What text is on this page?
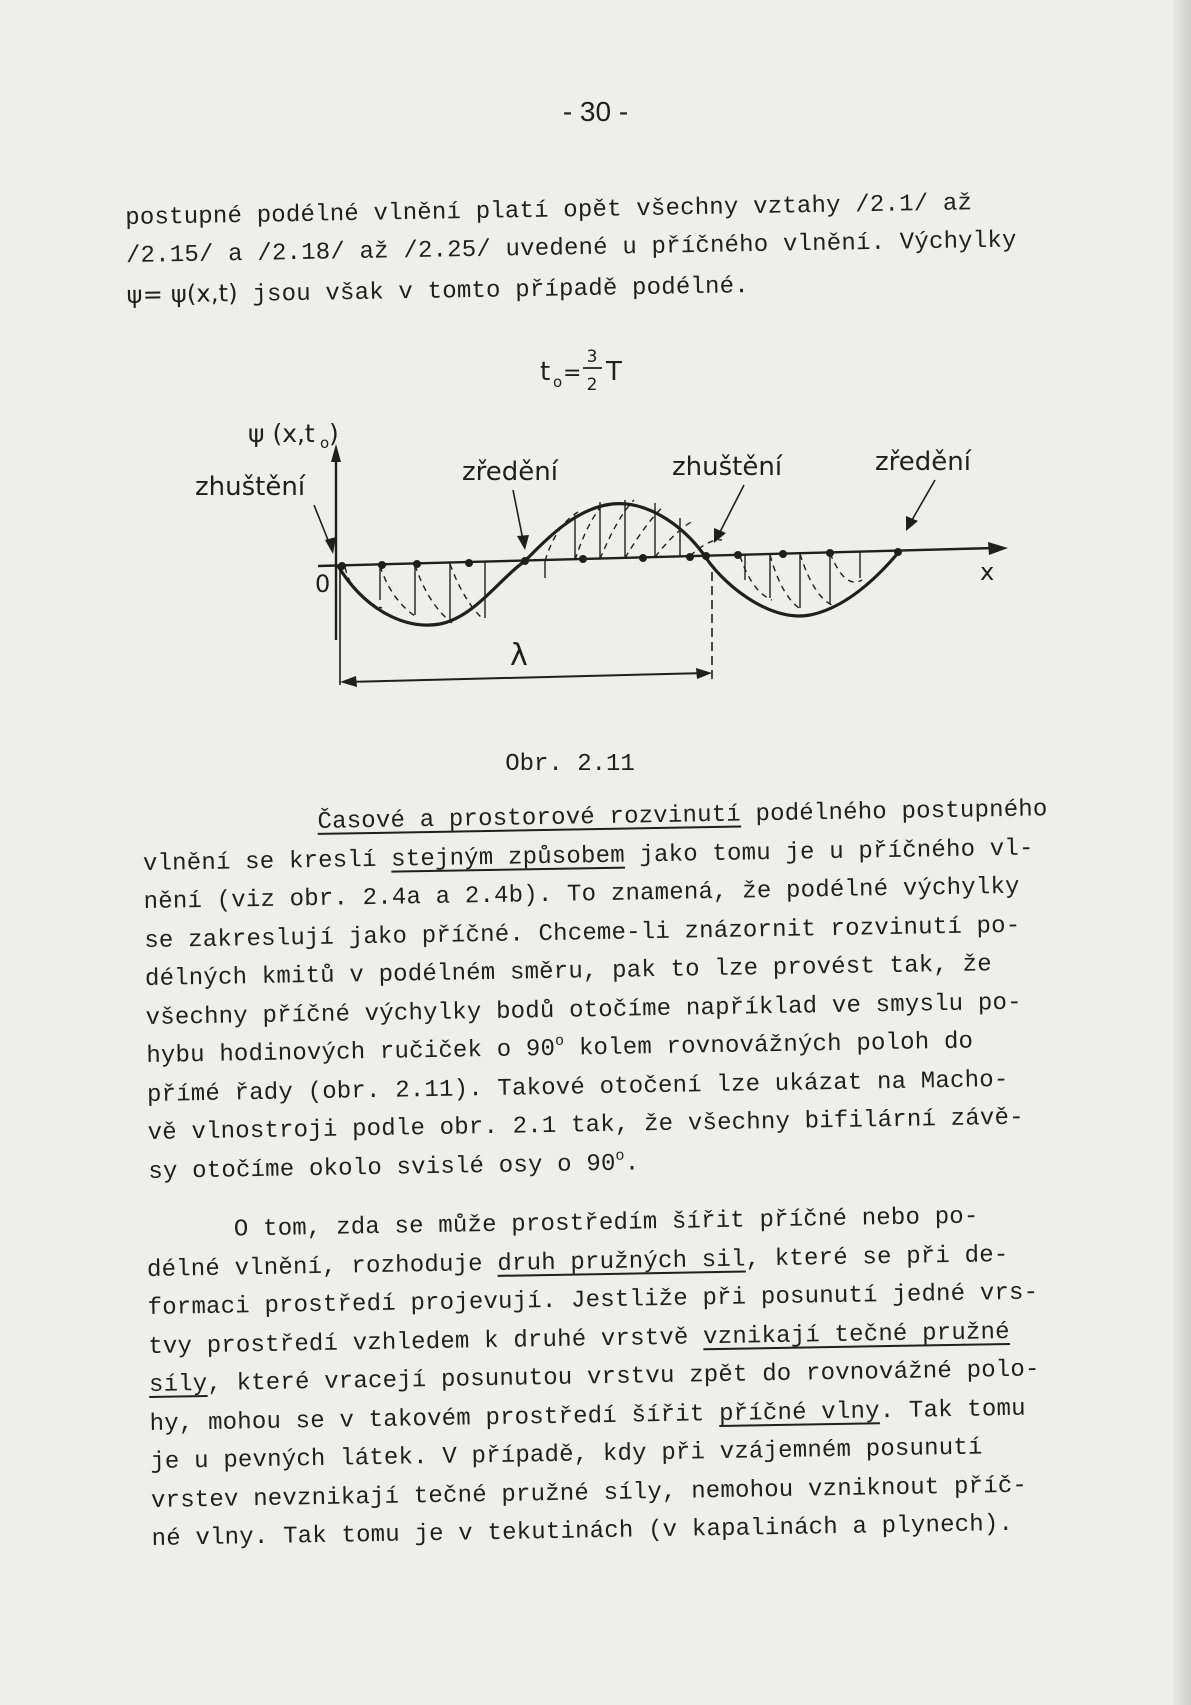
- 30 -

postupné podélné vlnění platí opět všechny vztahy /2.1/ až
/2.15/ a /2.18/ až /2.25/ uvedené u příčného vlnění. Výchylky
ψ= ψ(x,t) jsou však v tomto případě podélné.

t o =
3
2 T
ψ (x,t o )
x
0
zhuštění	zředění	zhuštění	zředění
λ
Obr. 2.11

Časové a prostorové rozvinutí podélného postupného
vlnění se kreslí stejným způsobem jako tomu je u příčného vl-
nění (viz obr. 2.4a a 2.4b). To znamená, že podélné výchylky
se zakreslují jako příčné. Chceme-li znázornit rozvinutí po-
délných kmitů v podélném směru, pak to lze provést tak, že
všechny příčné výchylky bodů otočíme například ve smyslu po-
hybu hodinových ručiček o 90$^o$ kolem rovnovážných poloh do
přímé řady (obr. 2.11). Takové otočení lze ukázat na Macho-
vě vlnostroji podle obr. 2.1 tak, že všechny bifilární závě-
sy otočíme okolo svislé osy o 90$^o$.

O tom, zda se může prostředím šířit příčné nebo po-
délné vlnění, rozhoduje druh pružných sil, které se při de-
formaci prostředí projevují. Jestliže při posunutí jedné vrs-
tvy prostředí vzhledem k druhé vrstvě vznikají tečné pružné
síly, které vracejí posunutou vrstvu zpět do rovnovážné polo-
hy, mohou se v takovém prostředí šířit příčné vlny. Tak tomu
je u pevných látek. V případě, kdy při vzájemném posunutí
vrstev nevznikají tečné pružné síly, nemohou vzniknout příč-
né vlny. Tak tomu je v tekutinách (v kapalinách a plynech).
